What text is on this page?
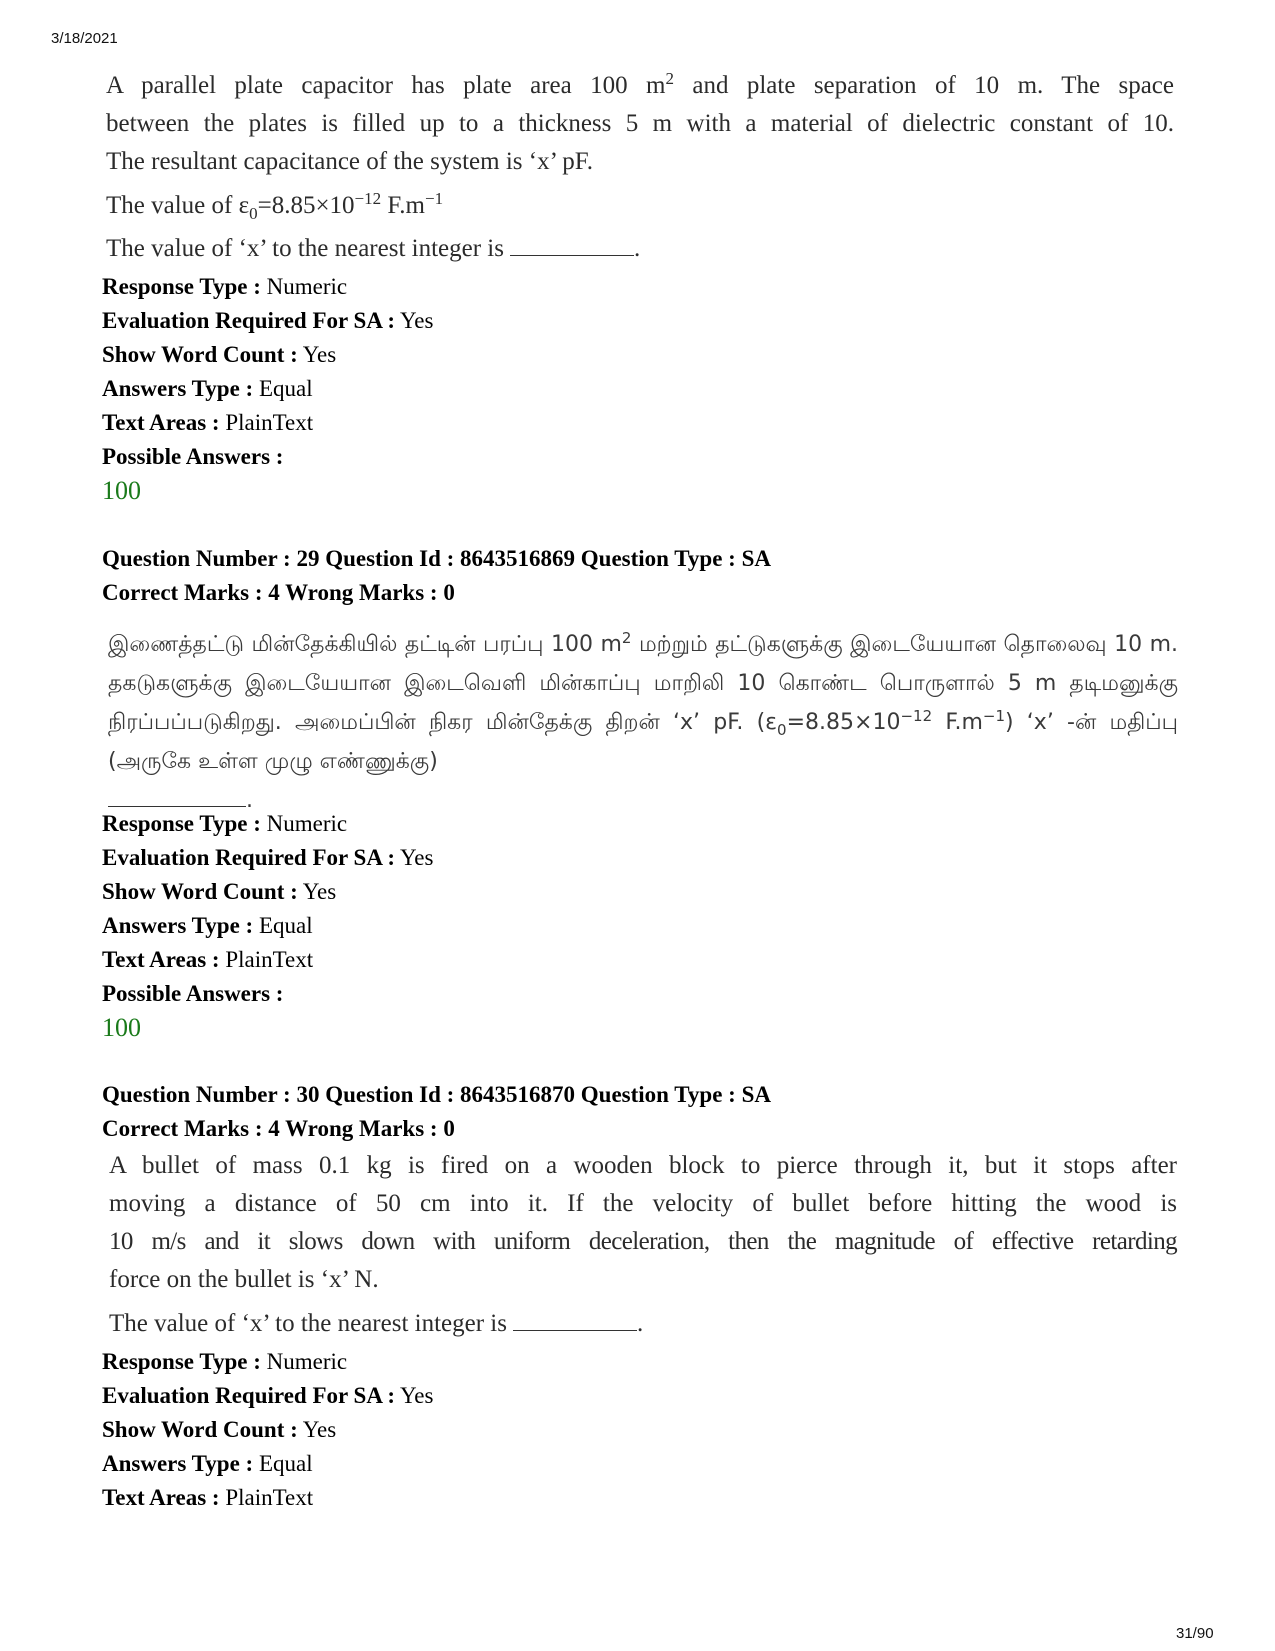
3/18/2021

A parallel plate capacitor has plate area 100 $m^2$ and plate separation of 10 m. The space

between the plates is filled up to a thickness 5 m with a material of dielectric constant of 10.

The resultant capacitance of the system is ‘x’ pF.

The value of $\varepsilon_0=8.85\times 10^{-12}$ $F.m^{-1}$

The value of ‘x’ to the nearest integer is	.

Response Type : Numeric
Evaluation Required For SA : Yes
Show Word Count : Yes
Answers Type : Equal
Text Areas : PlainText
Possible Answers :
100
Question Number : 29 Question Id : 8643516869 Question Type : SA
Correct Marks : 4 Wrong Marks : 0

இணைத்தட்டு மின்தேக்கியில் தட்டின் பரப்பு 100 $m^2$ மற்றும் தட்டுகளுக்கு இடையேயான தொலைவு 10 m. தகடுகளுக்கு இடையேயான இடைவெளி மின்காப்பு மாறிலி 10 கொண்ட பொருளால் 5 m தடிமனுக்கு நிரப்பப்படுகிறது. அமைப்பின் நிகர மின்தேக்கு திறன் ‘x’ pF. ($\varepsilon_0=8.85\times 10^{-12}$ $F.m^{-1}$) ‘x’ -ன் மதிப்பு (அருகே உள்ள முழு எண்ணுக்கு)

.

Response Type : Numeric
Evaluation Required For SA : Yes
Show Word Count : Yes
Answers Type : Equal
Text Areas : PlainText
Possible Answers :
100
Question Number : 30 Question Id : 8643516870 Question Type : SA
Correct Marks : 4 Wrong Marks : 0

A bullet of mass 0.1 kg is fired on a wooden block to pierce through it, but it stops after

moving a distance of 50 cm into it. If the velocity of bullet before hitting the wood is

10 m/s and it slows down with uniform deceleration, then the magnitude of effective retarding

force on the bullet is ‘x’ N.

The value of ‘x’ to the nearest integer is	.

Response Type : Numeric
Evaluation Required For SA : Yes
Show Word Count : Yes
Answers Type : Equal
Text Areas : PlainText
31/90
